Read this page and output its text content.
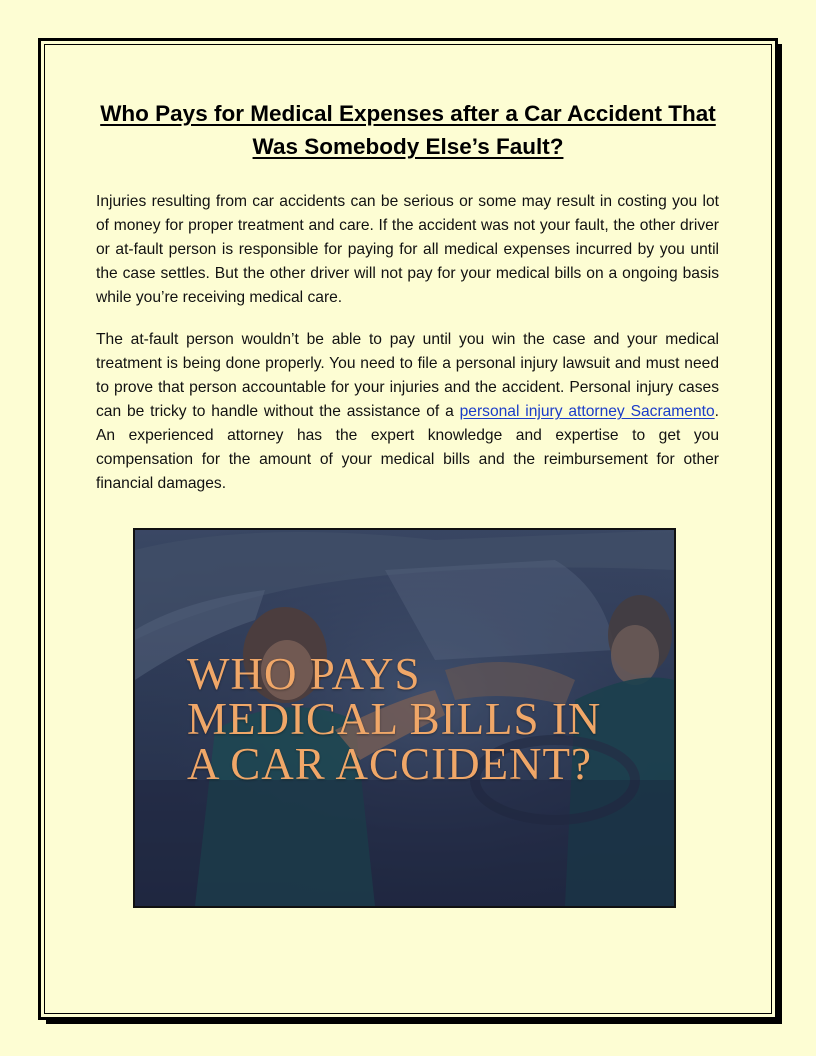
Who Pays for Medical Expenses after a Car Accident That Was Somebody Else’s Fault?

Injuries resulting from car accidents can be serious or some may result in costing you lot of money for proper treatment and care. If the accident was not your fault, the other driver or at-fault person is responsible for paying for all medical expenses incurred by you until the case settles. But the other driver will not pay for your medical bills on a ongoing basis while you’re receiving medical care.

The at-fault person wouldn’t be able to pay until you win the case and your medical treatment is being done properly. You need to file a personal injury lawsuit and must need to prove that person accountable for your injuries and the accident. Personal injury cases can be tricky to handle without the assistance of a personal injury attorney Sacramento. An experienced attorney has the expert knowledge and expertise to get you compensation for the amount of your medical bills and the reimbursement for other financial damages.

WHO PAYS
MEDICAL BILLS IN
A CAR ACCIDENT?
